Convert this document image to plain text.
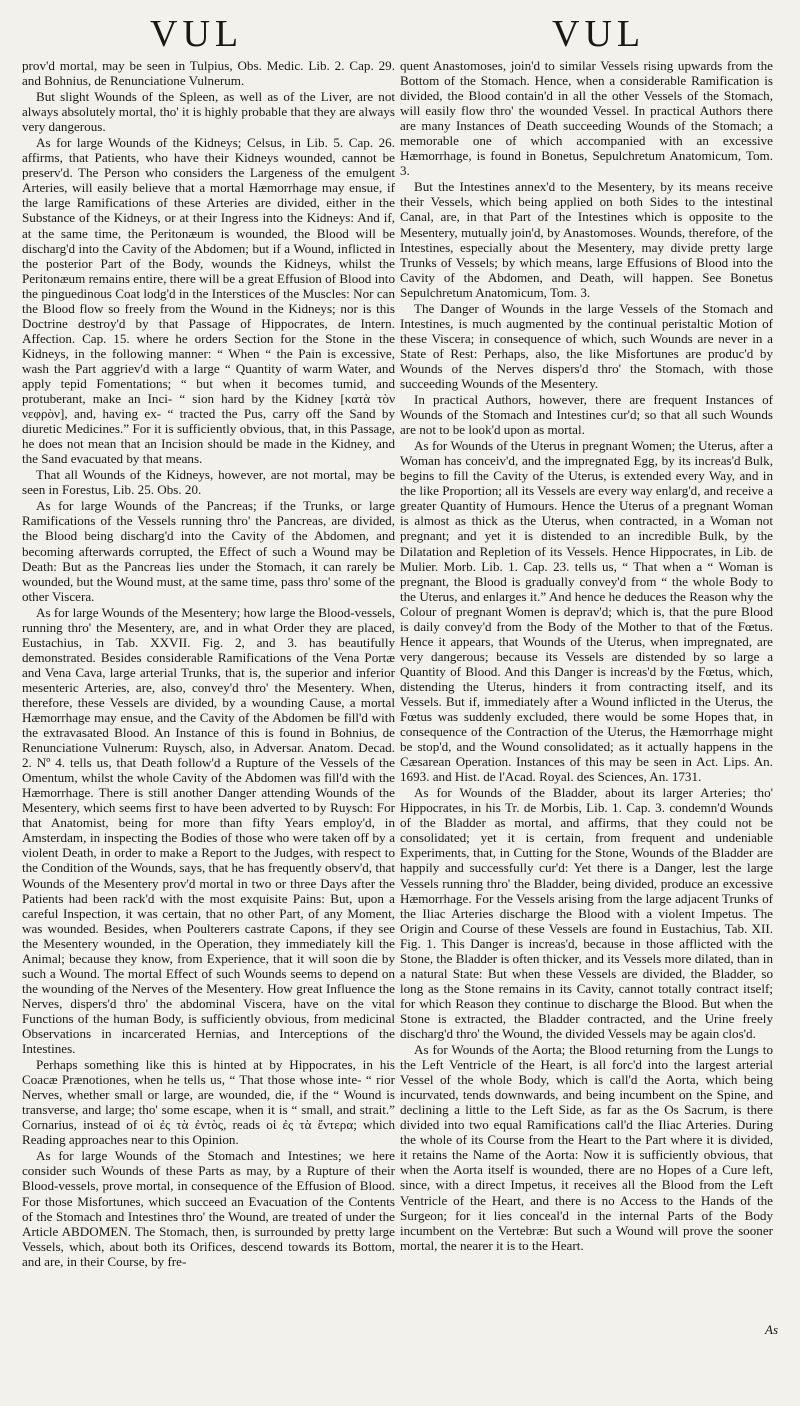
VUL	VUL

prov'd mortal, may be seen in Tulpius, Obs. Medic. Lib. 2. Cap. 29. and Bohnius, de Renunciatione Vulnerum.

But slight Wounds of the Spleen, as well as of the Liver, are not always absolutely mortal, tho' it is highly probable that they are always very dangerous.

As for large Wounds of the Kidneys; Celsus, in Lib. 5. Cap. 26. affirms, that Patients, who have their Kidneys wounded, cannot be preserv'd. The Person who considers the Largeness of the emulgent Arteries, will easily believe that a mortal Hæmorrhage may ensue, if the large Ramifications of these Arteries are divided, either in the Substance of the Kidneys, or at their Ingress into the Kidneys: And if, at the same time, the Peritonæum is wounded, the Blood will be discharg'd into the Cavity of the Abdomen; but if a Wound, inflicted in the posterior Part of the Body, wounds the Kidneys, whilst the Peritonæum remains entire, there will be a great Effusion of Blood into the pinguedinous Coat lodg'd in the Interstices of the Muscles: Nor can the Blood flow so freely from the Wound in the Kidneys; nor is this Doctrine destroy'd by that Passage of Hippocrates, de Intern. Affection. Cap. 15. where he orders Section for the Stone in the Kidneys, in the following manner: “ When “ the Pain is excessive, wash the Part aggriev'd with a large “ Quantity of warm Water, and apply tepid Fomentations; “ but when it becomes tumid, and protuberant, make an Inci- “ sion hard by the Kidney [κατὰ τὸν νεφρὸν], and, having ex- “ tracted the Pus, carry off the Sand by diuretic Medicines.” For it is sufficiently obvious, that, in this Passage, he does not mean that an Incision should be made in the Kidney, and the Sand evacuated by that means.

That all Wounds of the Kidneys, however, are not mortal, may be seen in Forestus, Lib. 25. Obs. 20.

As for large Wounds of the Pancreas; if the Trunks, or large Ramifications of the Vessels running thro' the Pancreas, are divided, the Blood being discharg'd into the Cavity of the Abdomen, and becoming afterwards corrupted, the Effect of such a Wound may be Death: But as the Pancreas lies under the Stomach, it can rarely be wounded, but the Wound must, at the same time, pass thro' some of the other Viscera.

As for large Wounds of the Mesentery; how large the Blood-vessels, running thro' the Mesentery, are, and in what Order they are placed, Eustachius, in Tab. XXVII. Fig. 2, and 3. has beautifully demonstrated. Besides considerable Ramifications of the Vena Portæ and Vena Cava, large arterial Trunks, that is, the superior and inferior mesenteric Arteries, are, also, convey'd thro' the Mesentery. When, therefore, these Vessels are divided, by a wounding Cause, a mortal Hæmorrhage may ensue, and the Cavity of the Abdomen be fill'd with the extravasated Blood. An Instance of this is found in Bohnius, de Renunciatione Vulnerum: Ruysch, also, in Adversar. Anatom. Decad. 2. Nº 4. tells us, that Death follow'd a Rupture of the Vessels of the Omentum, whilst the whole Cavity of the Abdomen was fill'd with the Hæmorrhage. There is still another Danger attending Wounds of the Mesentery, which seems first to have been adverted to by Ruysch: For that Anatomist, being for more than fifty Years employ'd, in Amsterdam, in inspecting the Bodies of those who were taken off by a violent Death, in order to make a Report to the Judges, with respect to the Condition of the Wounds, says, that he has frequently observ'd, that Wounds of the Mesentery prov'd mortal in two or three Days after the Patients had been rack'd with the most exquisite Pains: But, upon a careful Inspection, it was certain, that no other Part, of any Moment, was wounded. Besides, when Poulterers castrate Capons, if they see the Mesentery wounded, in the Operation, they immediately kill the Animal; because they know, from Experience, that it will soon die by such a Wound. The mortal Effect of such Wounds seems to depend on the wounding of the Nerves of the Mesentery. How great Influence the Nerves, dispers'd thro' the abdominal Viscera, have on the vital Functions of the human Body, is sufficiently obvious, from medicinal Observations in incarcerated Hernias, and Interceptions of the Intestines.

Perhaps something like this is hinted at by Hippocrates, in his Coacæ Prænotiones, when he tells us, “ That those whose inte- “ rior Nerves, whether small or large, are wounded, die, if the “ Wound is transverse, and large; tho' some escape, when it is “ small, and strait.” Cornarius, instead of οἱ ἐς τὰ ἐντὸς, reads οἱ ἐς τὰ ἔντερα; which Reading approaches near to this Opinion.

As for large Wounds of the Stomach and Intestines; we here consider such Wounds of these Parts as may, by a Rupture of their Blood-vessels, prove mortal, in consequence of the Effusion of Blood. For those Misfortunes, which succeed an Evacuation of the Contents of the Stomach and Intestines thro' the Wound, are treated of under the Article ABDOMEN. The Stomach, then, is surrounded by pretty large Vessels, which, about both its Orifices, descend towards its Bottom, and are, in their Course, by fre-

quent Anastomoses, join'd to similar Vessels rising upwards from the Bottom of the Stomach. Hence, when a considerable Ramification is divided, the Blood contain'd in all the other Vessels of the Stomach, will easily flow thro' the wounded Vessel. In practical Authors there are many Instances of Death succeeding Wounds of the Stomach; a memorable one of which accompanied with an excessive Hæmorrhage, is found in Bonetus, Sepulchretum Anatomicum, Tom. 3.

But the Intestines annex'd to the Mesentery, by its means receive their Vessels, which being applied on both Sides to the intestinal Canal, are, in that Part of the Intestines which is opposite to the Mesentery, mutually join'd, by Anastomoses. Wounds, therefore, of the Intestines, especially about the Mesentery, may divide pretty large Trunks of Vessels; by which means, large Effusions of Blood into the Cavity of the Abdomen, and Death, will happen. See Bonetus Sepulchretum Anatomicum, Tom. 3.

The Danger of Wounds in the large Vessels of the Stomach and Intestines, is much augmented by the continual peristaltic Motion of these Viscera; in consequence of which, such Wounds are never in a State of Rest: Perhaps, also, the like Misfortunes are produc'd by Wounds of the Nerves dispers'd thro' the Stomach, with those succeeding Wounds of the Mesentery.

In practical Authors, however, there are frequent Instances of Wounds of the Stomach and Intestines cur'd; so that all such Wounds are not to be look'd upon as mortal.

As for Wounds of the Uterus in pregnant Women; the Uterus, after a Woman has conceiv'd, and the impregnated Egg, by its increas'd Bulk, begins to fill the Cavity of the Uterus, is extended every Way, and in the like Proportion; all its Vessels are every way enlarg'd, and receive a greater Quantity of Humours. Hence the Uterus of a pregnant Woman is almost as thick as the Uterus, when contracted, in a Woman not pregnant; and yet it is distended to an incredible Bulk, by the Dilatation and Repletion of its Vessels. Hence Hippocrates, in Lib. de Mulier. Morb. Lib. 1. Cap. 23. tells us, “ That when a “ Woman is pregnant, the Blood is gradually convey'd from “ the whole Body to the Uterus, and enlarges it.” And hence he deduces the Reason why the Colour of pregnant Women is deprav'd; which is, that the pure Blood is daily convey'd from the Body of the Mother to that of the Fœtus. Hence it appears, that Wounds of the Uterus, when impregnated, are very dangerous; because its Vessels are distended by so large a Quantity of Blood. And this Danger is increas'd by the Fœtus, which, distending the Uterus, hinders it from contracting itself, and its Vessels. But if, immediately after a Wound inflicted in the Uterus, the Fœtus was suddenly excluded, there would be some Hopes that, in consequence of the Contraction of the Uterus, the Hæmorrhage might be stop'd, and the Wound consolidated; as it actually happens in the Cæsarean Operation. Instances of this may be seen in Act. Lips. An. 1693. and Hist. de l'Acad. Royal. des Sciences, An. 1731.

As for Wounds of the Bladder, about its larger Arteries; tho' Hippocrates, in his Tr. de Morbis, Lib. 1. Cap. 3. condemn'd Wounds of the Bladder as mortal, and affirms, that they could not be consolidated; yet it is certain, from frequent and undeniable Experiments, that, in Cutting for the Stone, Wounds of the Bladder are happily and successfully cur'd: Yet there is a Danger, lest the large Vessels running thro' the Bladder, being divided, produce an excessive Hæmorrhage. For the Vessels arising from the large adjacent Trunks of the Iliac Arteries discharge the Blood with a violent Impetus. The Origin and Course of these Vessels are found in Eustachius, Tab. XII. Fig. 1. This Danger is increas'd, because in those afflicted with the Stone, the Bladder is often thicker, and its Vessels more dilated, than in a natural State: But when these Vessels are divided, the Bladder, so long as the Stone remains in its Cavity, cannot totally contract itself; for which Reason they continue to discharge the Blood. But when the Stone is extracted, the Bladder contracted, and the Urine freely discharg'd thro' the Wound, the divided Vessels may be again clos'd.

As for Wounds of the Aorta; the Blood returning from the Lungs to the Left Ventricle of the Heart, is all forc'd into the largest arterial Vessel of the whole Body, which is call'd the Aorta, which being incurvated, tends downwards, and being incumbent on the Spine, and declining a little to the Left Side, as far as the Os Sacrum, is there divided into two equal Ramifications call'd the Iliac Arteries. During the whole of its Course from the Heart to the Part where it is divided, it retains the Name of the Aorta: Now it is sufficiently obvious, that when the Aorta itself is wounded, there are no Hopes of a Cure left, since, with a direct Impetus, it receives all the Blood from the Left Ventricle of the Heart, and there is no Access to the Hands of the Surgeon; for it lies conceal'd in the internal Parts of the Body incumbent on the Vertebræ: But such a Wound will prove the sooner mortal, the nearer it is to the Heart.

As
